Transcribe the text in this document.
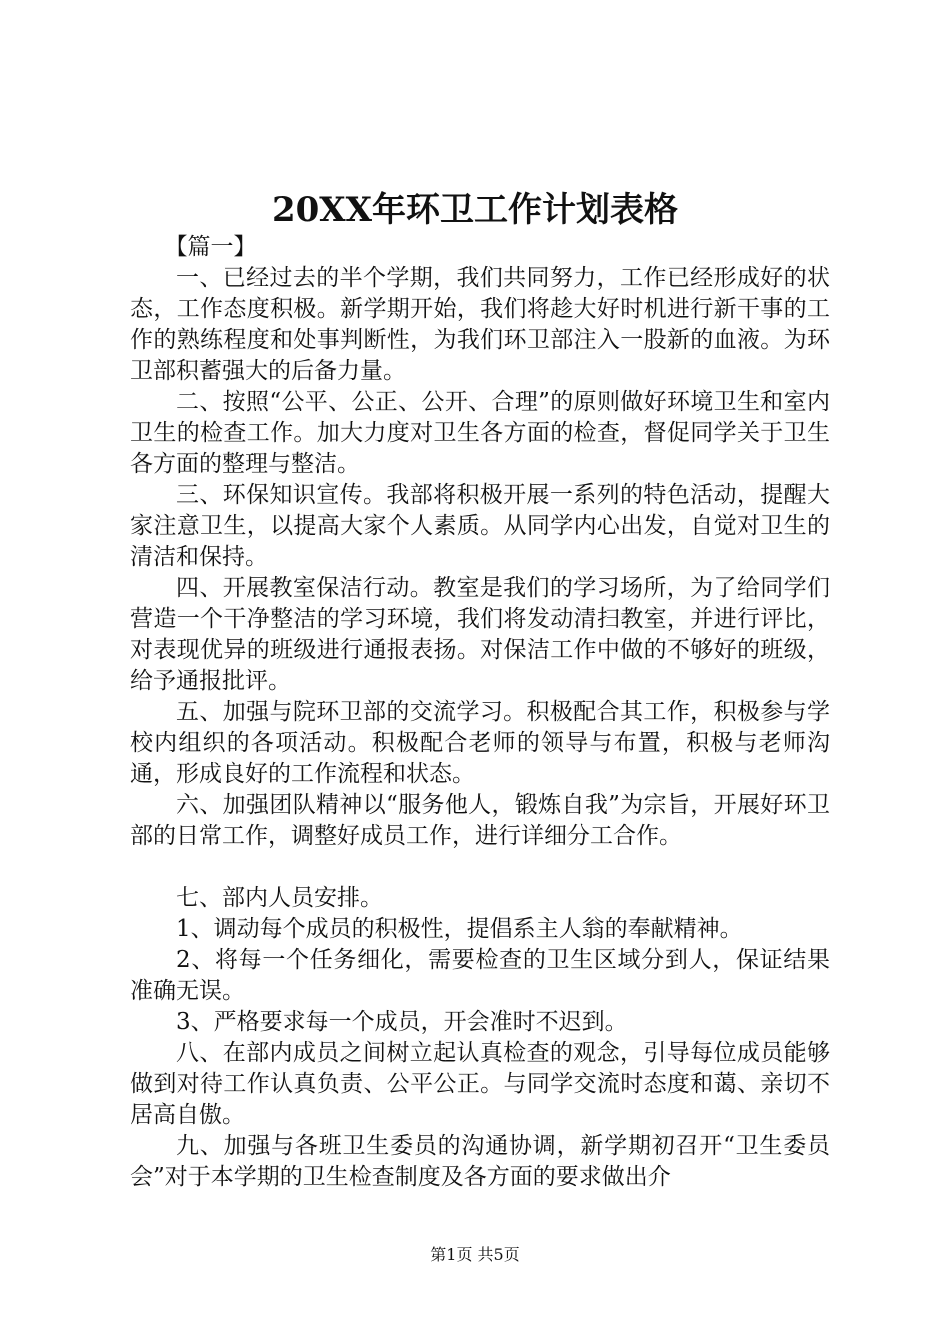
20XX年环卫工作计划表格

【篇一】

一、已经过去的半个学期，我们共同努力，工作已经形成好的状态，工作态度积极。新学期开始，我们将趁大好时机进行新干事的工作的熟练程度和处事判断性，为我们环卫部注入一股新的血液。为环卫部积蓄强大的后备力量。

二、按照“公平、公正、公开、合理”的原则做好环境卫生和室内卫生的检查工作。加大力度对卫生各方面的检查，督促同学关于卫生各方面的整理与整洁。

三、环保知识宣传。我部将积极开展一系列的特色活动，提醒大家注意卫生，以提高大家个人素质。从同学内心出发，自觉对卫生的清洁和保持。

四、开展教室保洁行动。教室是我们的学习场所，为了给同学们营造一个干净整洁的学习环境，我们将发动清扫教室，并进行评比，对表现优异的班级进行通报表扬。对保洁工作中做的不够好的班级，给予通报批评。

五、加强与院环卫部的交流学习。积极配合其工作，积极参与学校内组织的各项活动。积极配合老师的领导与布置，积极与老师沟通，形成良好的工作流程和状态。

六、加强团队精神以“服务他人，锻炼自我”为宗旨，开展好环卫部的日常工作，调整好成员工作，进行详细分工合作。

七、部内人员安排。

1、调动每个成员的积极性，提倡系主人翁的奉献精神。

2、将每一个任务细化，需要检查的卫生区域分到人，保证结果准确无误。

3、严格要求每一个成员，开会准时不迟到。

八、在部内成员之间树立起认真检查的观念，引导每位成员能够做到对待工作认真负责、公平公正。与同学交流时态度和蔼、亲切不居高自傲。

九、加强与各班卫生委员的沟通协调，新学期初召开“卫生委员会”对于本学期的卫生检查制度及各方面的要求做出介

第1页 共5页
